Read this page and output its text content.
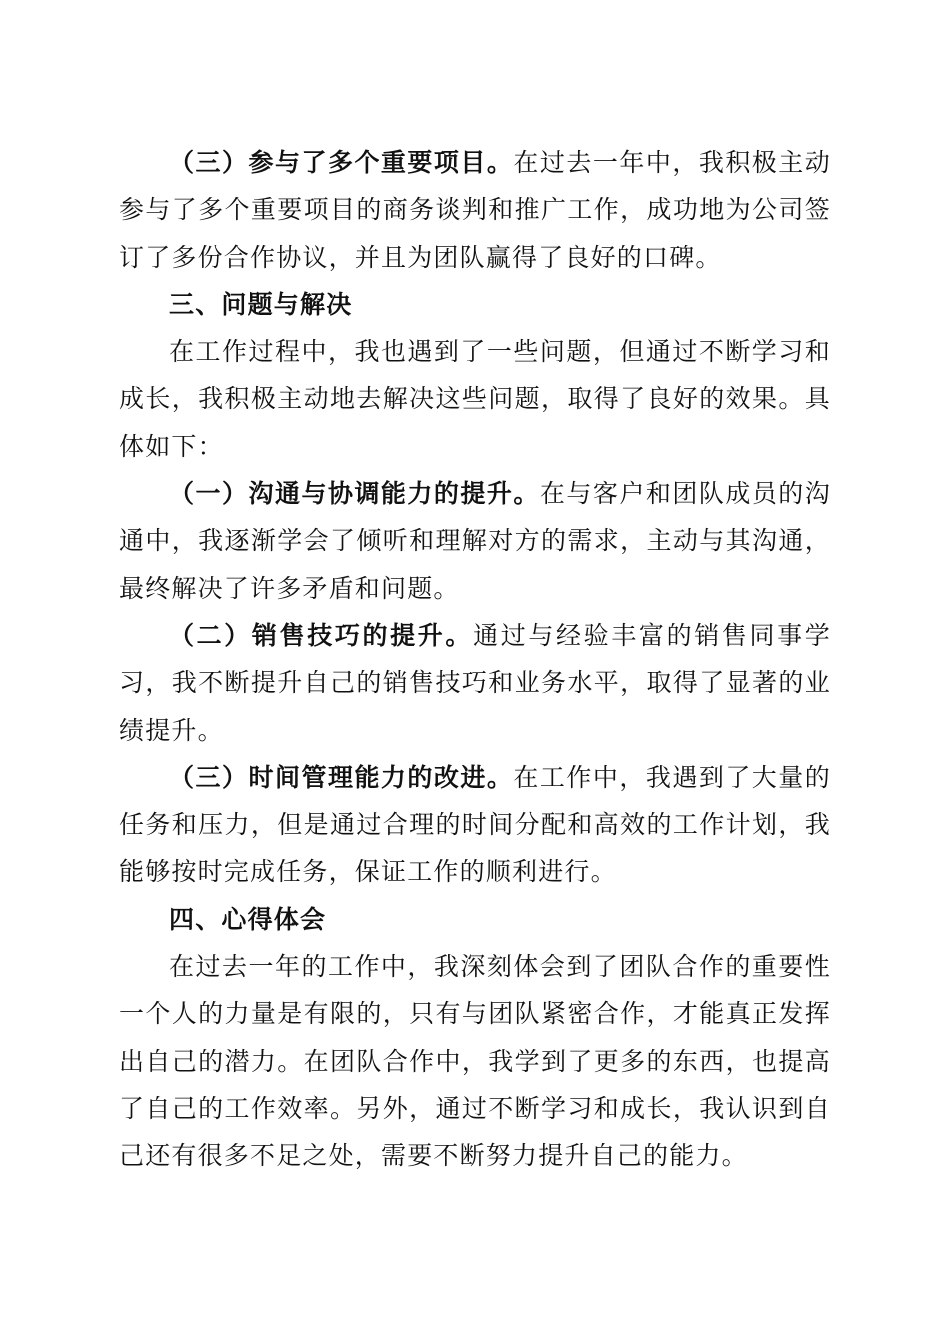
（三）参与了多个重要项目。在过去一年中，我积极主动参与了多个重要项目的商务谈判和推广工作，成功地为公司签订了多份合作协议，并且为团队赢得了良好的口碑。

三、问题与解决

在工作过程中，我也遇到了一些问题，但通过不断学习和成长，我积极主动地去解决这些问题，取得了良好的效果。具体如下：

（一）沟通与协调能力的提升。在与客户和团队成员的沟通中，我逐渐学会了倾听和理解对方的需求，主动与其沟通，最终解决了许多矛盾和问题。

（二）销售技巧的提升。通过与经验丰富的销售同事学习，我不断提升自己的销售技巧和业务水平，取得了显著的业绩提升。

（三）时间管理能力的改进。在工作中，我遇到了大量的任务和压力，但是通过合理的时间分配和高效的工作计划，我能够按时完成任务，保证工作的顺利进行。

四、心得体会

在过去一年的工作中，我深刻体会到了团队合作的重要性一个人的力量是有限的，只有与团队紧密合作，才能真正发挥出自己的潜力。在团队合作中，我学到了更多的东西，也提高了自己的工作效率。另外，通过不断学习和成长，我认识到自己还有很多不足之处，需要不断努力提升自己的能力。
